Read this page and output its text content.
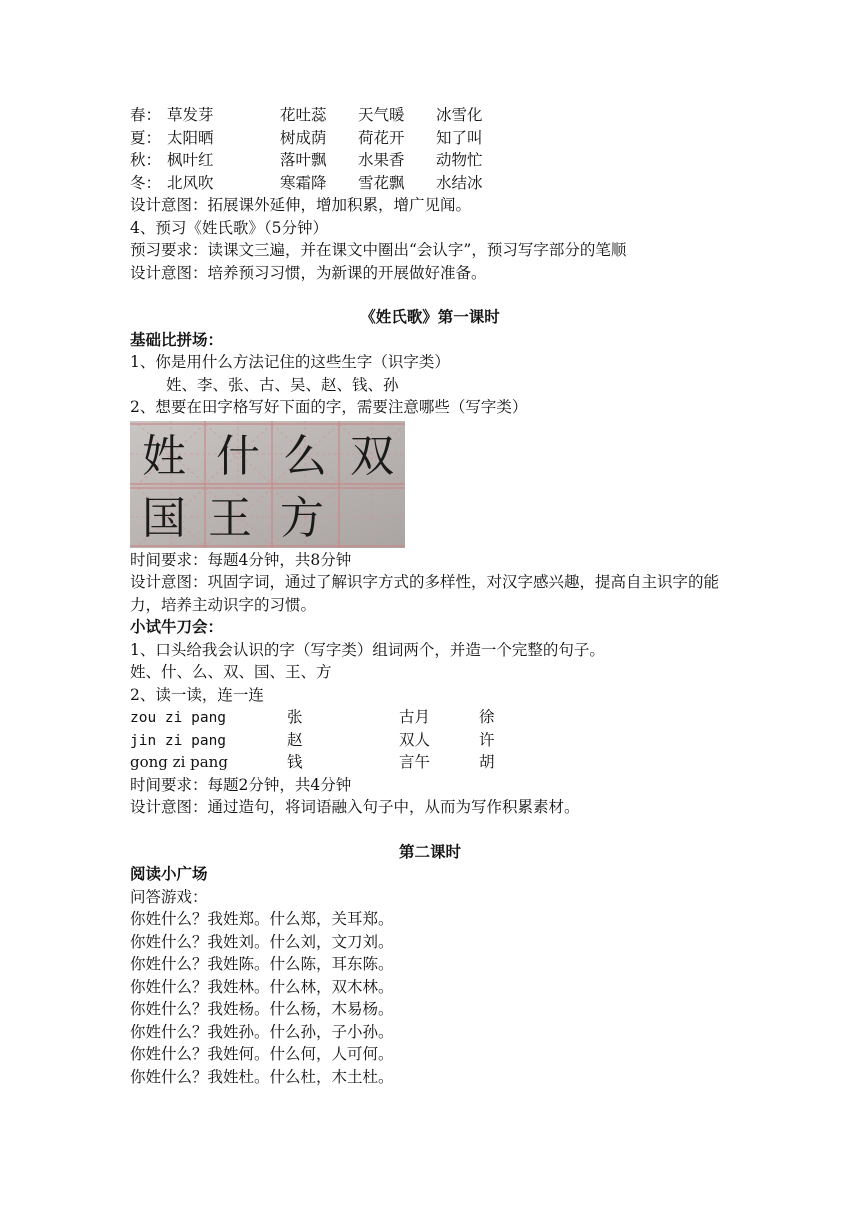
春： 草发芽	花吐蕊 天气暖 冰雪化
夏： 太阳晒	树成荫 荷花开 知了叫
秋： 枫叶红	落叶飘 水果香 动物忙
冬： 北风吹	寒霜降 雪花飘 水结冰
设计意图：拓展课外延伸，增加积累，增广见闻。
4、预习《姓氏歌》（5分钟）
预习要求：读课文三遍，并在课文中圈出“会认字”，预习写字部分的笔顺
设计意图：培养预习习惯，为新课的开展做好准备。
《姓氏歌》第一课时
基础比拼场：
1、你是用什么方法记住的这些生字（识字类）
姓、李、张、古、吴、赵、钱、孙
2、想要在田字格写好下面的字，需要注意哪些（写字类）
姓 什 么 双
国 王 方
时间要求：每题4分钟，共8分钟
设计意图：巩固字词，通过了解识字方式的多样性，对汉字感兴趣，提高自主识字的能力，培养主动识字的习惯。
小试牛刀会：
1、口头给我会认识的字（写字类）组词两个，并造一个完整的句子。
姓、什、么、双、国、王、方
2、读一读，连一连
zou zi pang	张	古月	徐
jin zi pang	赵	双人	许
gong zi pang	钱	言午	胡
时间要求：每题2分钟，共4分钟
设计意图：通过造句，将词语融入句子中，从而为写作积累素材。
第二课时
阅读小广场
问答游戏：
你姓什么？我姓郑。什么郑，关耳郑。
你姓什么？我姓刘。什么刘，文刀刘。
你姓什么？我姓陈。什么陈，耳东陈。
你姓什么？我姓林。什么林，双木林。
你姓什么？我姓杨。什么杨，木易杨。
你姓什么？我姓孙。什么孙，子小孙。
你姓什么？我姓何。什么何，人可何。
你姓什么？我姓杜。什么杜，木土杜。
